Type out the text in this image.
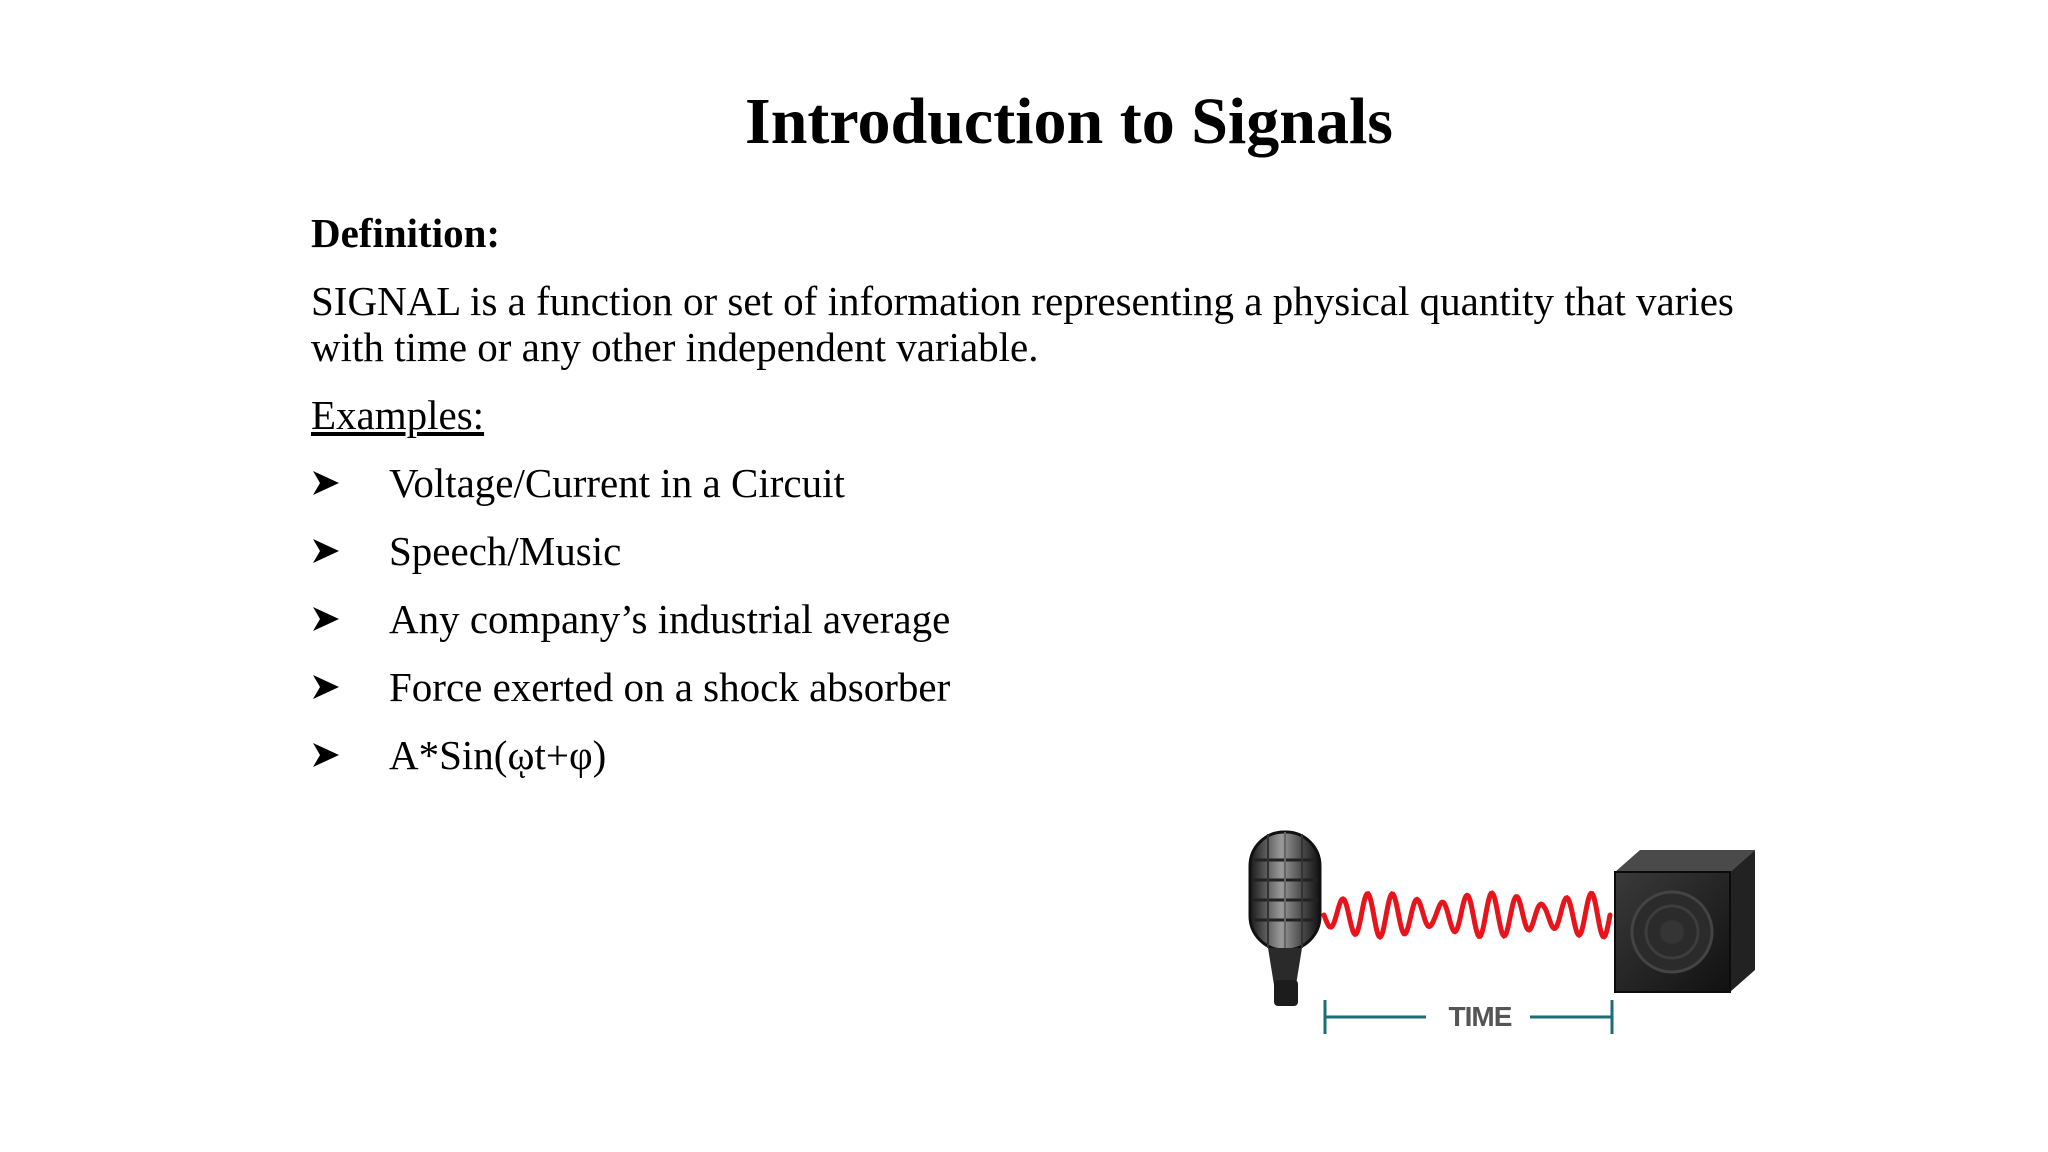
Introduction to Signals
Definition:
SIGNAL is a function or set of information representing a physical quantity that varies with time or any other independent variable.
Examples:
Voltage/Current in a Circuit
Speech/Music
Any company’s industrial average
Force exerted on a shock absorber
A*Sin(ῳt+φ)
TIME
